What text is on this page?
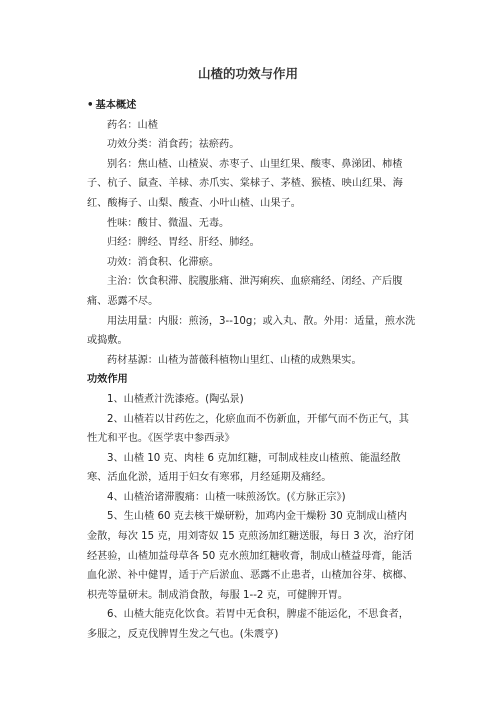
山楂的功效与作用

• 基本概述

药名：山楂

功效分类：消食药；祛瘀药。

别名：焦山楂、山楂炭、赤枣子、山里红果、酸枣、鼻涕团、柿楂子、杭子、鼠查、羊梂、赤爪实、棠梂子、茅楂、猴楂、映山红果、海红、酸梅子、山梨、酸查、小叶山楂、山果子。

性味：酸甘、微温、无毒。

归经：脾经、胃经、肝经、肺经。

功效：消食积、化滞瘀。

主治：饮食积滞、脘腹胀痛、泄泻痢疾、血瘀痛经、闭经、产后腹痛、恶露不尽。

用法用量：内服：煎汤，3--10g；或入丸、散。外用：适量，煎水洗或捣敷。

药材基源：山楂为蔷薇科植物山里红、山楂的成熟果实。

功效作用

1、山楂煮汁洗漆疮。(陶弘景)

2、山楂若以甘药佐之，化瘀血而不伤新血，开郁气而不伤正气，其性尤和平也。《医学衷中参西录》

3、山楂 10 克、肉桂 6 克加红糖，可制成桂皮山楂煎、能温经散寒、活血化淤，适用于妇女有寒邪，月经延期及痛经。

4、山楂治诸滞腹痛：山楂一味煎汤饮。(《方脉正宗》)

5、生山楂 60 克去核干燥研粉，加鸡内金干燥粉 30 克制成山楂内金散，每次 15 克，用刘寄奴 15 克煎汤加红糖送服，每日 3 次，治疗闭经甚验，山楂加益母草各 50 克水煎加红糖收膏，制成山楂益母膏，能活血化淤、补中健胃，适于产后淤血、恶露不止患者，山楂加谷芽、槟榔、枳壳等量研末。制成消食散，每服 1--2 克，可健脾开胃。

6、山楂大能克化饮食。若胃中无食积，脾虚不能运化，不思食者，多服之，反克伐脾胃生发之气也。(朱震亨)
